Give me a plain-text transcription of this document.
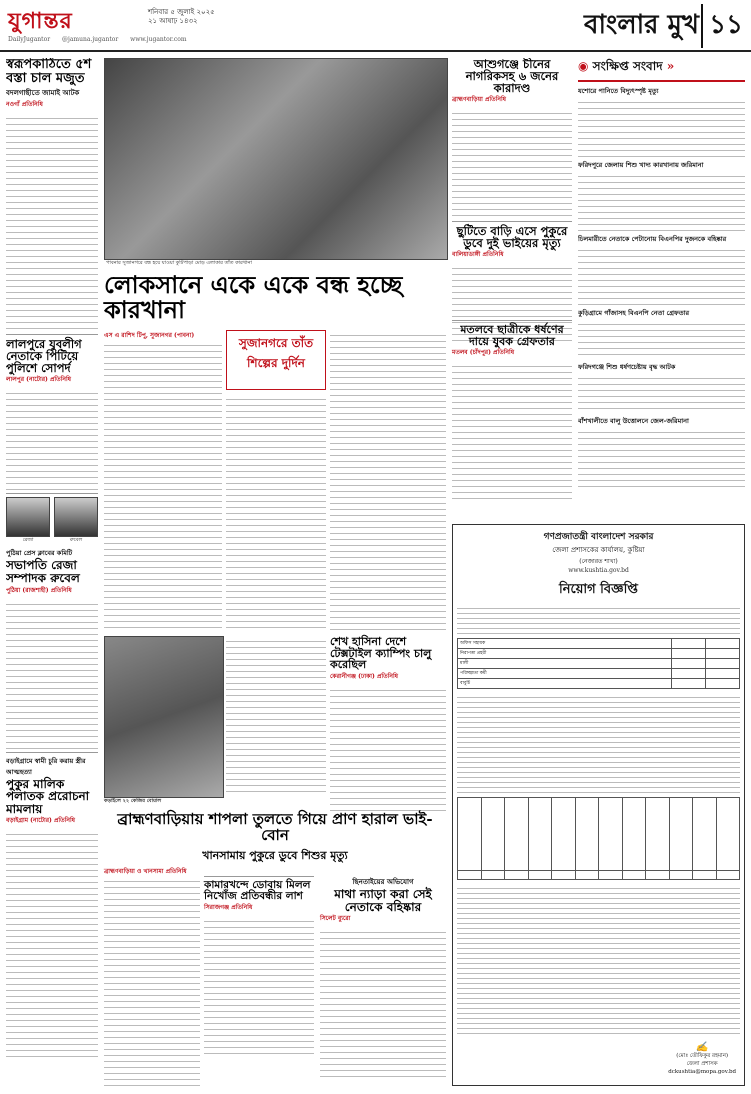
যুগান্তর	শনিবার ৫ জুলাই ২০২৫
২১ আষাঢ় ১৪৩২
DailyJugantor @jamuna.jugantor www.jugantor.com	বাংলার মুখ ১১
স্বরূপকাঠিতে ৫শ বস্তা চাল মজুত
বদলগাছীতে জামাই আটক
নওগাঁ প্রতিনিধি
লালপুরে যুবলীগ নেতাকে পিটিয়ে পুলিশে সোপর্দ
লালপুর (নাটোর) প্রতিনিধি
রেজা	রুবেল
পুঠিয়া প্রেস ক্লাবের কমিটি
সভাপতি রেজা সম্পাদক রুবেল
পুঠিয়া (রাজশাহী) প্রতিনিধি
বড়াইগ্রামে স্বামী চুরি করায় স্ত্রীর আত্মহত্যা
পুকুর মালিক পলাতক প্ররোচনা মামলায়
বড়াইগ্রাম (নাটোর) প্রতিনিধি
পাবনার সুজানগরে বন্ধ হয়ে যাওয়া কুটিপাড়া মোড় এলাকার তাঁত কারখানা
লোকসানে একে একে বন্ধ হচ্ছে কারখানা
এস এ রাশিদ টিপু, সুজানগর (পাবনা)
সুজানগরে তাঁত শিল্পের দুর্দিন
কড়াইলে ২২ কেজির বোয়াল
শেখ হাসিনা দেশে টেক্সটাইল ক্যাম্পিং চালু করেছিল
কেরানীগঞ্জ (ঢাকা) প্রতিনিধি
ব্রাহ্মণবাড়িয়ায় শাপলা তুলতে গিয়ে প্রাণ হারাল ভাই-বোন
খানসামায় পুকুরে ডুবে শিশুর মৃত্যু
ব্রাহ্মণবাড়িয়া ও খানসামা প্রতিনিধি
কামারখন্দে ডোবায় মিলল নিখোঁজ প্রতিবন্ধীর লাশ
সিরাজগঞ্জ প্রতিনিধি
ছিনতাইয়ের অভিযোগ
মাথা ন্যাড়া করা সেই নেতাকে বহিষ্কার
সিলেট ব্যুরো
আশুগঞ্জে চীনের নাগরিকসহ ৬ জনের কারাদণ্ড
ব্রাহ্মণবাড়িয়া প্রতিনিধি
ছুটিতে বাড়ি এসে পুকুরে ডুবে দুই ভাইয়ের মৃত্যু
বালিয়াডাঙ্গী প্রতিনিধি
মতলবে ছাত্রীকে ধর্ষণের দায়ে যুবক গ্রেফতার
মতলব (চাঁদপুর) প্রতিনিধি
◉ সংক্ষিপ্ত সংবাদ »
যশোরে পানিতে বিদ্যুৎস্পৃষ্ট মৃত্যু
ফরিদপুরে জেলায় শিশু খাদ্য কারখানায় জরিমানা
চিলমারীতে নেতাকে পেটানোয় বিএনপির দুজনকে বহিষ্কার
কুড়িগ্রামে গাঁজাসহ বিএনপি নেতা গ্রেফতার
ফরিদগঞ্জে শিশু ধর্ষণচেষ্টায় বৃদ্ধ আটক
বাঁশখালীতে বালু উত্তোলনে জেল-জরিমানা
গণপ্রজাতন্ত্রী বাংলাদেশ সরকার
জেলা প্রশাসকের কার্যালয়, কুষ্টিয়া
(নেজারত শাখা)
www.kushtia.gov.bd
নিয়োগ বিজ্ঞপ্তি
অফিস সহায়ক		
নিরাপত্তা প্রহরী		
মালী		
পরিচ্ছন্নতা কর্মী		
বাবুর্চি		

✍
(মোঃ তৌফিকুর রহমান)
জেলা প্রশাসক
dckushtia@mopa.gov.bd
